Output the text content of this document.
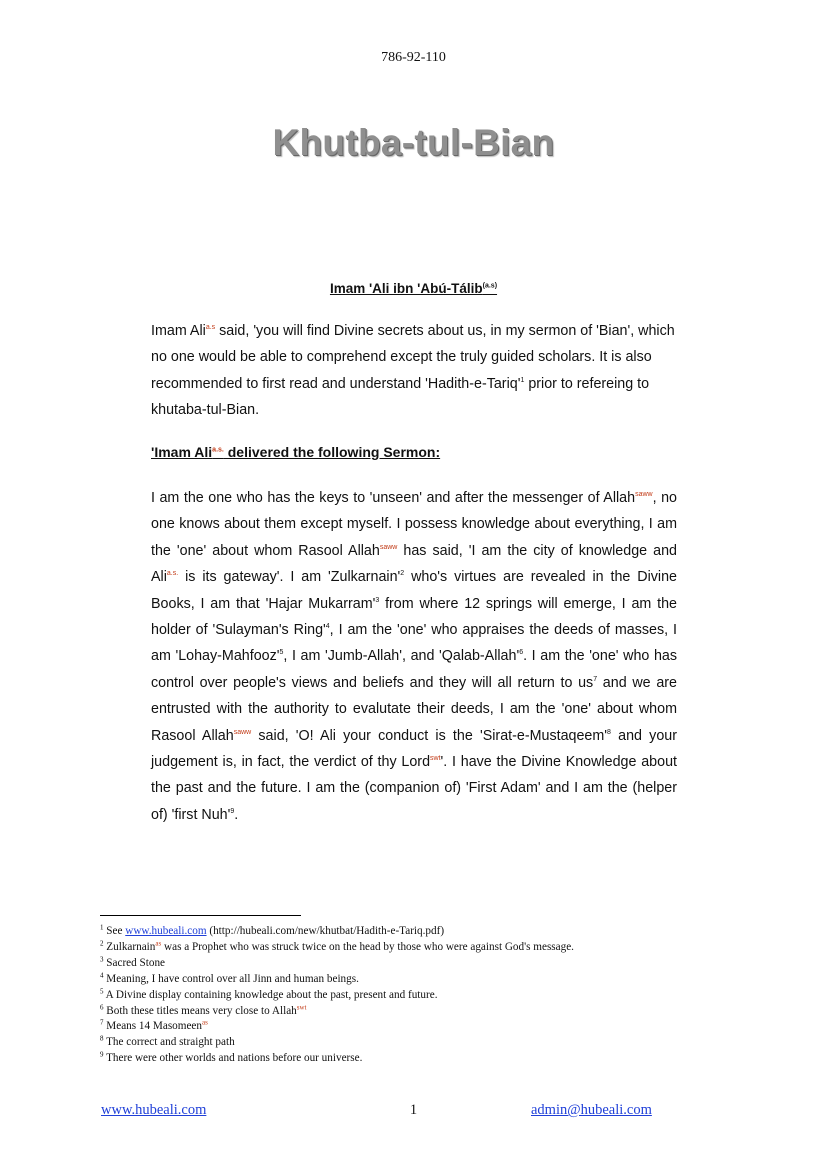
786-92-110
Khutba-tul-Bian
Imam 'Ali ibn 'Abú-Tálib$^{(a.s)}$
Imam Ali$^{a.s}$ said, 'you will find Divine secrets about us, in my sermon of 'Bian', which no one would be able to comprehend except the truly guided scholars. It is also recommended to first read and understand '$Hadith-e-Tariq'^1$ prior to refereing to khutaba-tul-Bian.
'Imam Ali$^{a.s.}$ delivered the following Sermon:
I am the one who has the keys to 'unseen' and after the messenger of Allah$^{saww}$, no one knows about them except myself. I possess knowledge about everything, I am the 'one' about whom Rasool Allah$^{saww}$ has said, 'I am the city of knowledge and Ali$^{a.s.}$ is its gateway'. I am '$Zulkarnain'^2$ who's virtues are revealed in the Divine Books, I am that 'Hajar $Mukarram'^3$ from where 12 springs will emerge, I am the holder of 'Sulayman's $Ring'^4$, I am the 'one' who appraises the deeds of masses, I am '$Lohay-Mahfooz'^5$, I am 'Jumb-Allah', and '$Qalab-Allah'^6$. I am the 'one' who has control over people's views and beliefs and they will all return to $us^7$ and we are entrusted with the authority to evalutate their deeds, I am the 'one' about whom Rasool Allah$^{saww}$ said, 'O! Ali your conduct is the '$Sirat-e-Mustaqeem'^8$ and your judgement is, in fact, the verdict of thy Lord$^{swt}$'. I have the Divine Knowledge about the past and the future. I am the (companion of) 'First Adam' and I am the (helper of) 'first $Nuh'^9$.
$^1$ See www.hubeali.com (http://hubeali.com/new/khutbat/Hadith-e-Tariq.pdf)
$^2$ Zulkarnain$^{as}$ was a Prophet who was struck twice on the head by those who were against God's message.
$^3$ Sacred Stone
$^4$ Meaning, I have control over all Jinn and human beings.
$^5$ A Divine display containing knowledge about the past, present and future.
$^6$ Both these titles means very close to Allah$^{swt}$
$^7$ Means 14 Masomeen$^{as}$
$^8$ The correct and straight path
$^9$ There were other worlds and nations before our universe.
www.hubeali.com	1	admin@hubeali.com
